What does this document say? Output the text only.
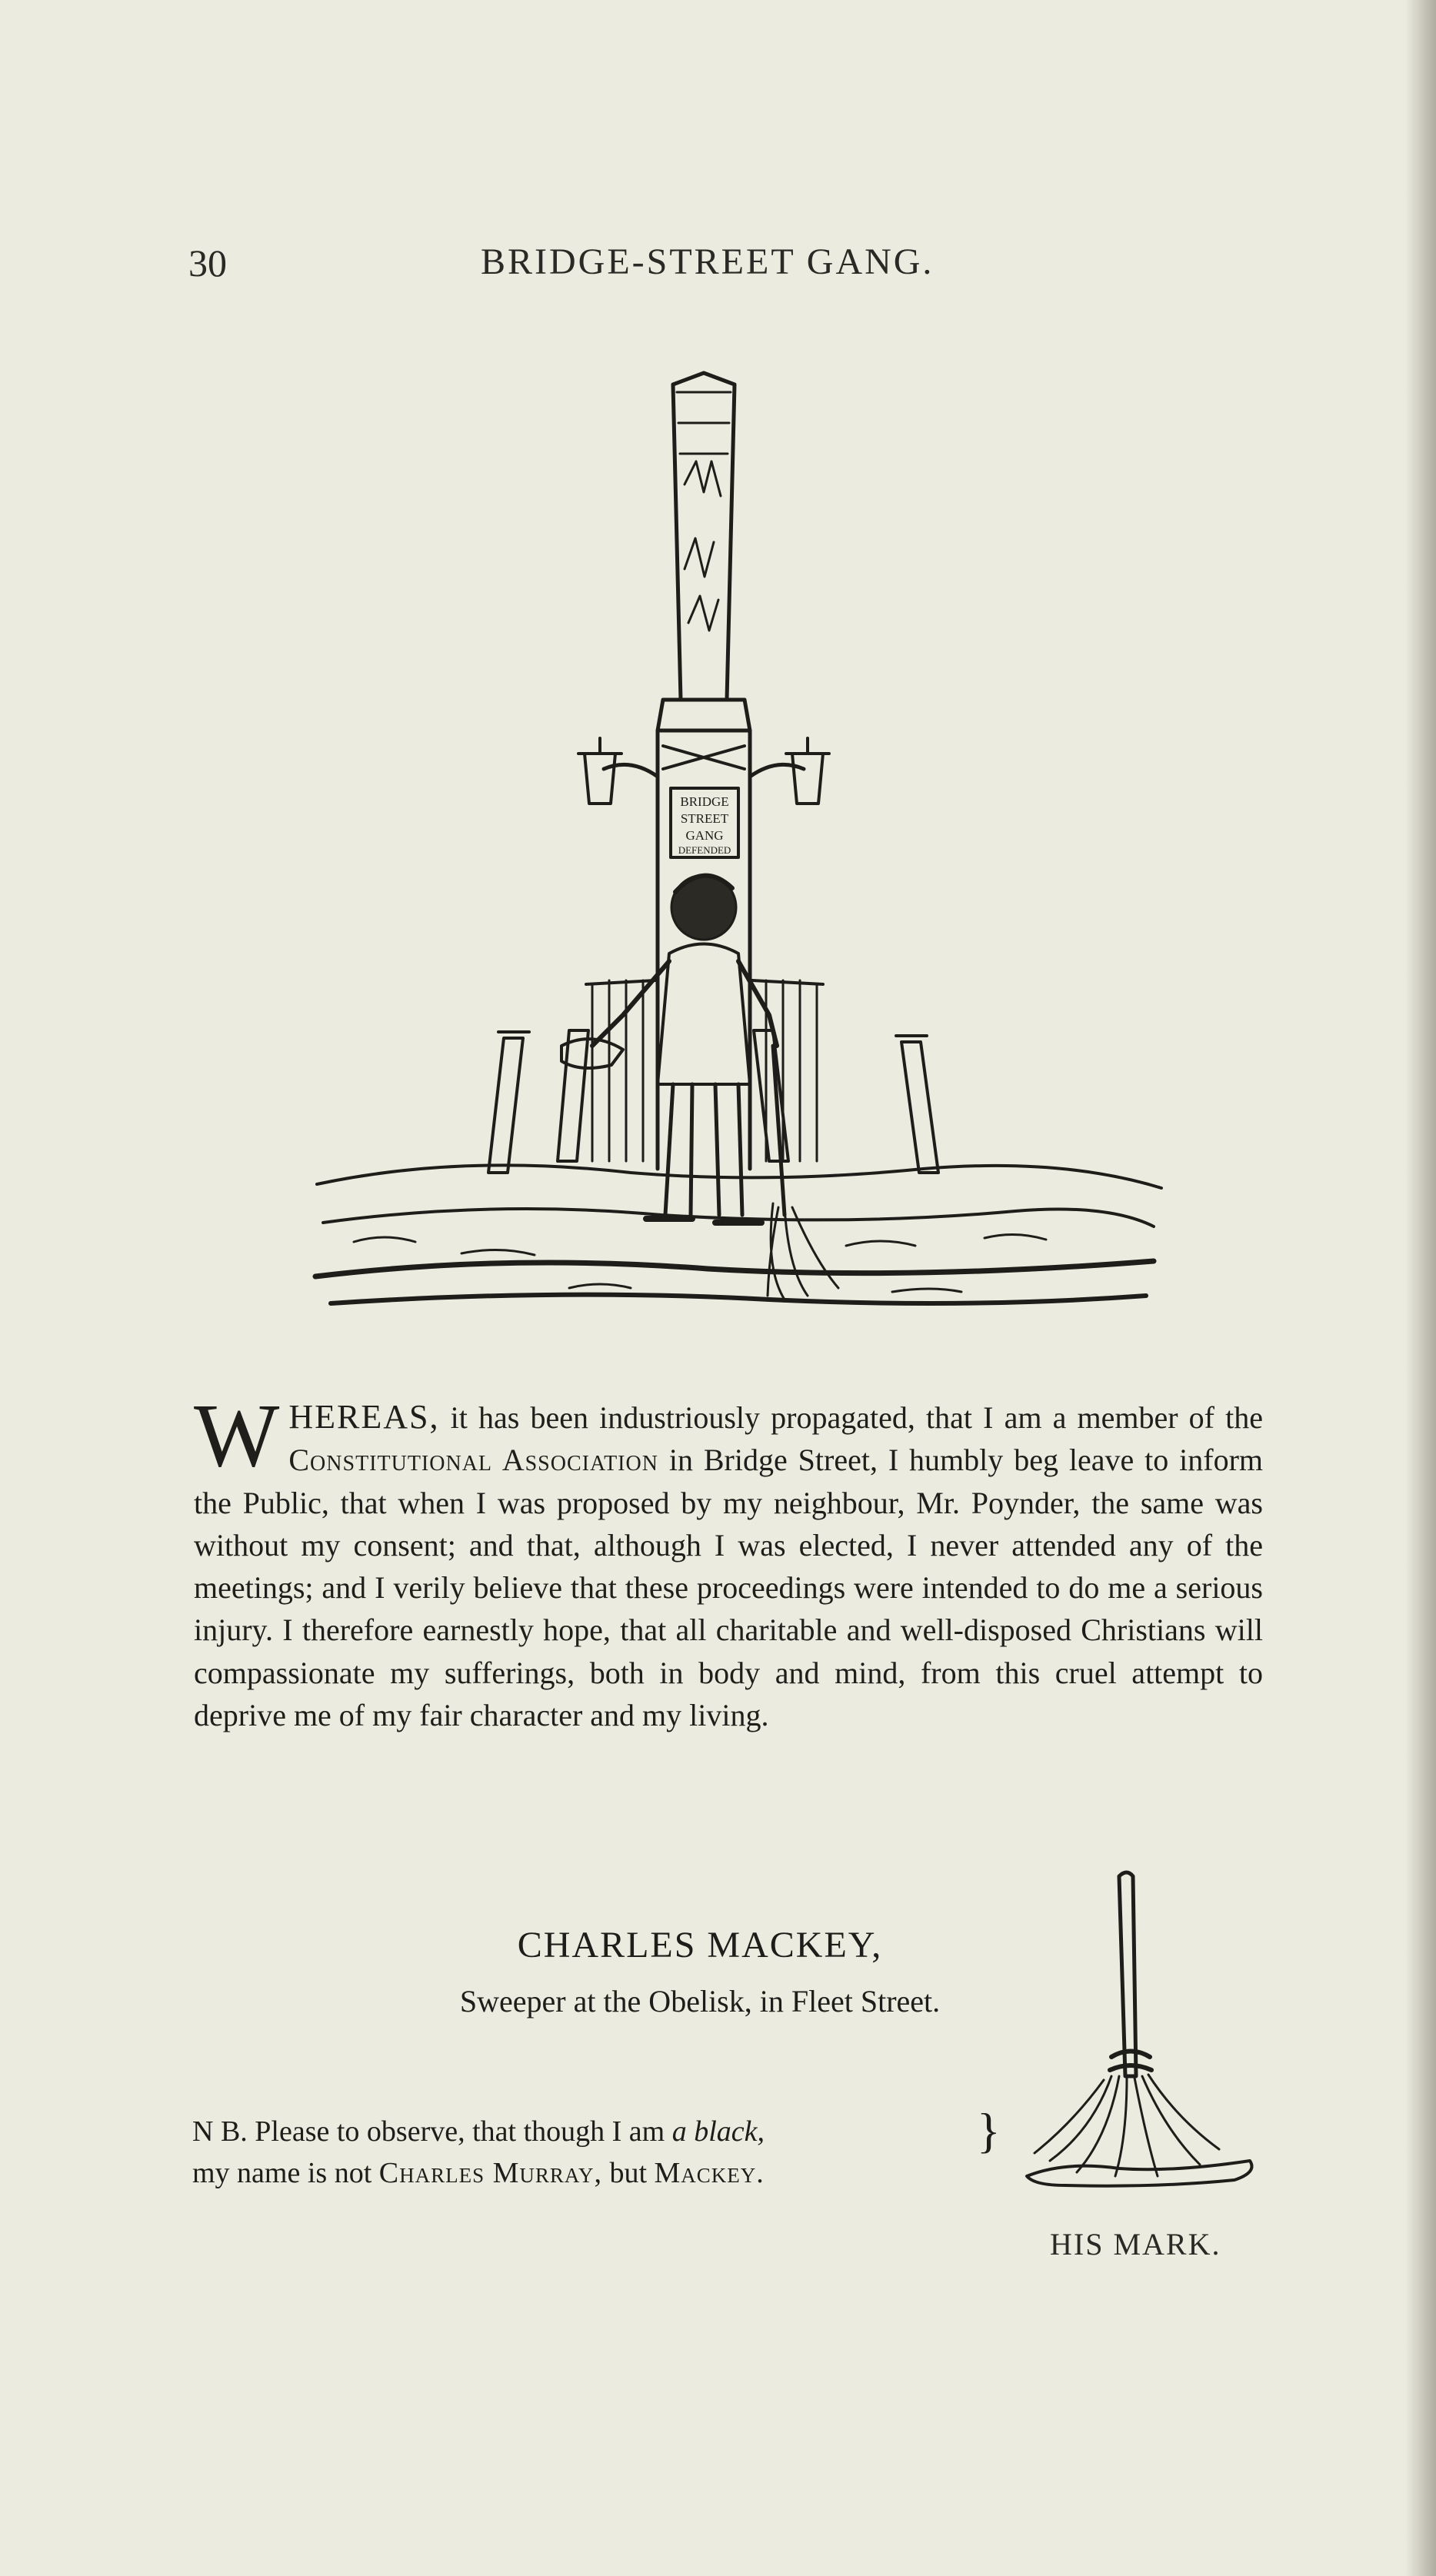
30	BRIDGE-STREET GANG.
BRIDGE
STREET
GANG
DEFENDED
WHEREAS, it has been industriously propagated, that I am a member of the Constitutional Association in Bridge Street, I humbly beg leave to inform the Public, that when I was proposed by my neighbour, Mr. Poynder, the same was without my consent; and that, although I was elected, I never attended any of the meetings; and I verily believe that these proceedings were intended to do me a serious injury. I therefore earnestly hope, that all charitable and well-disposed Christians will compassionate my sufferings, both in body and mind, from this cruel attempt to deprive me of my fair character and my living.

CHARLES MACKEY,

Sweeper at the Obelisk, in Fleet Street.

N B. Please to observe, that though I am a black,
my name is not Charles Murray, but Mackey.
}
HIS MARK.
